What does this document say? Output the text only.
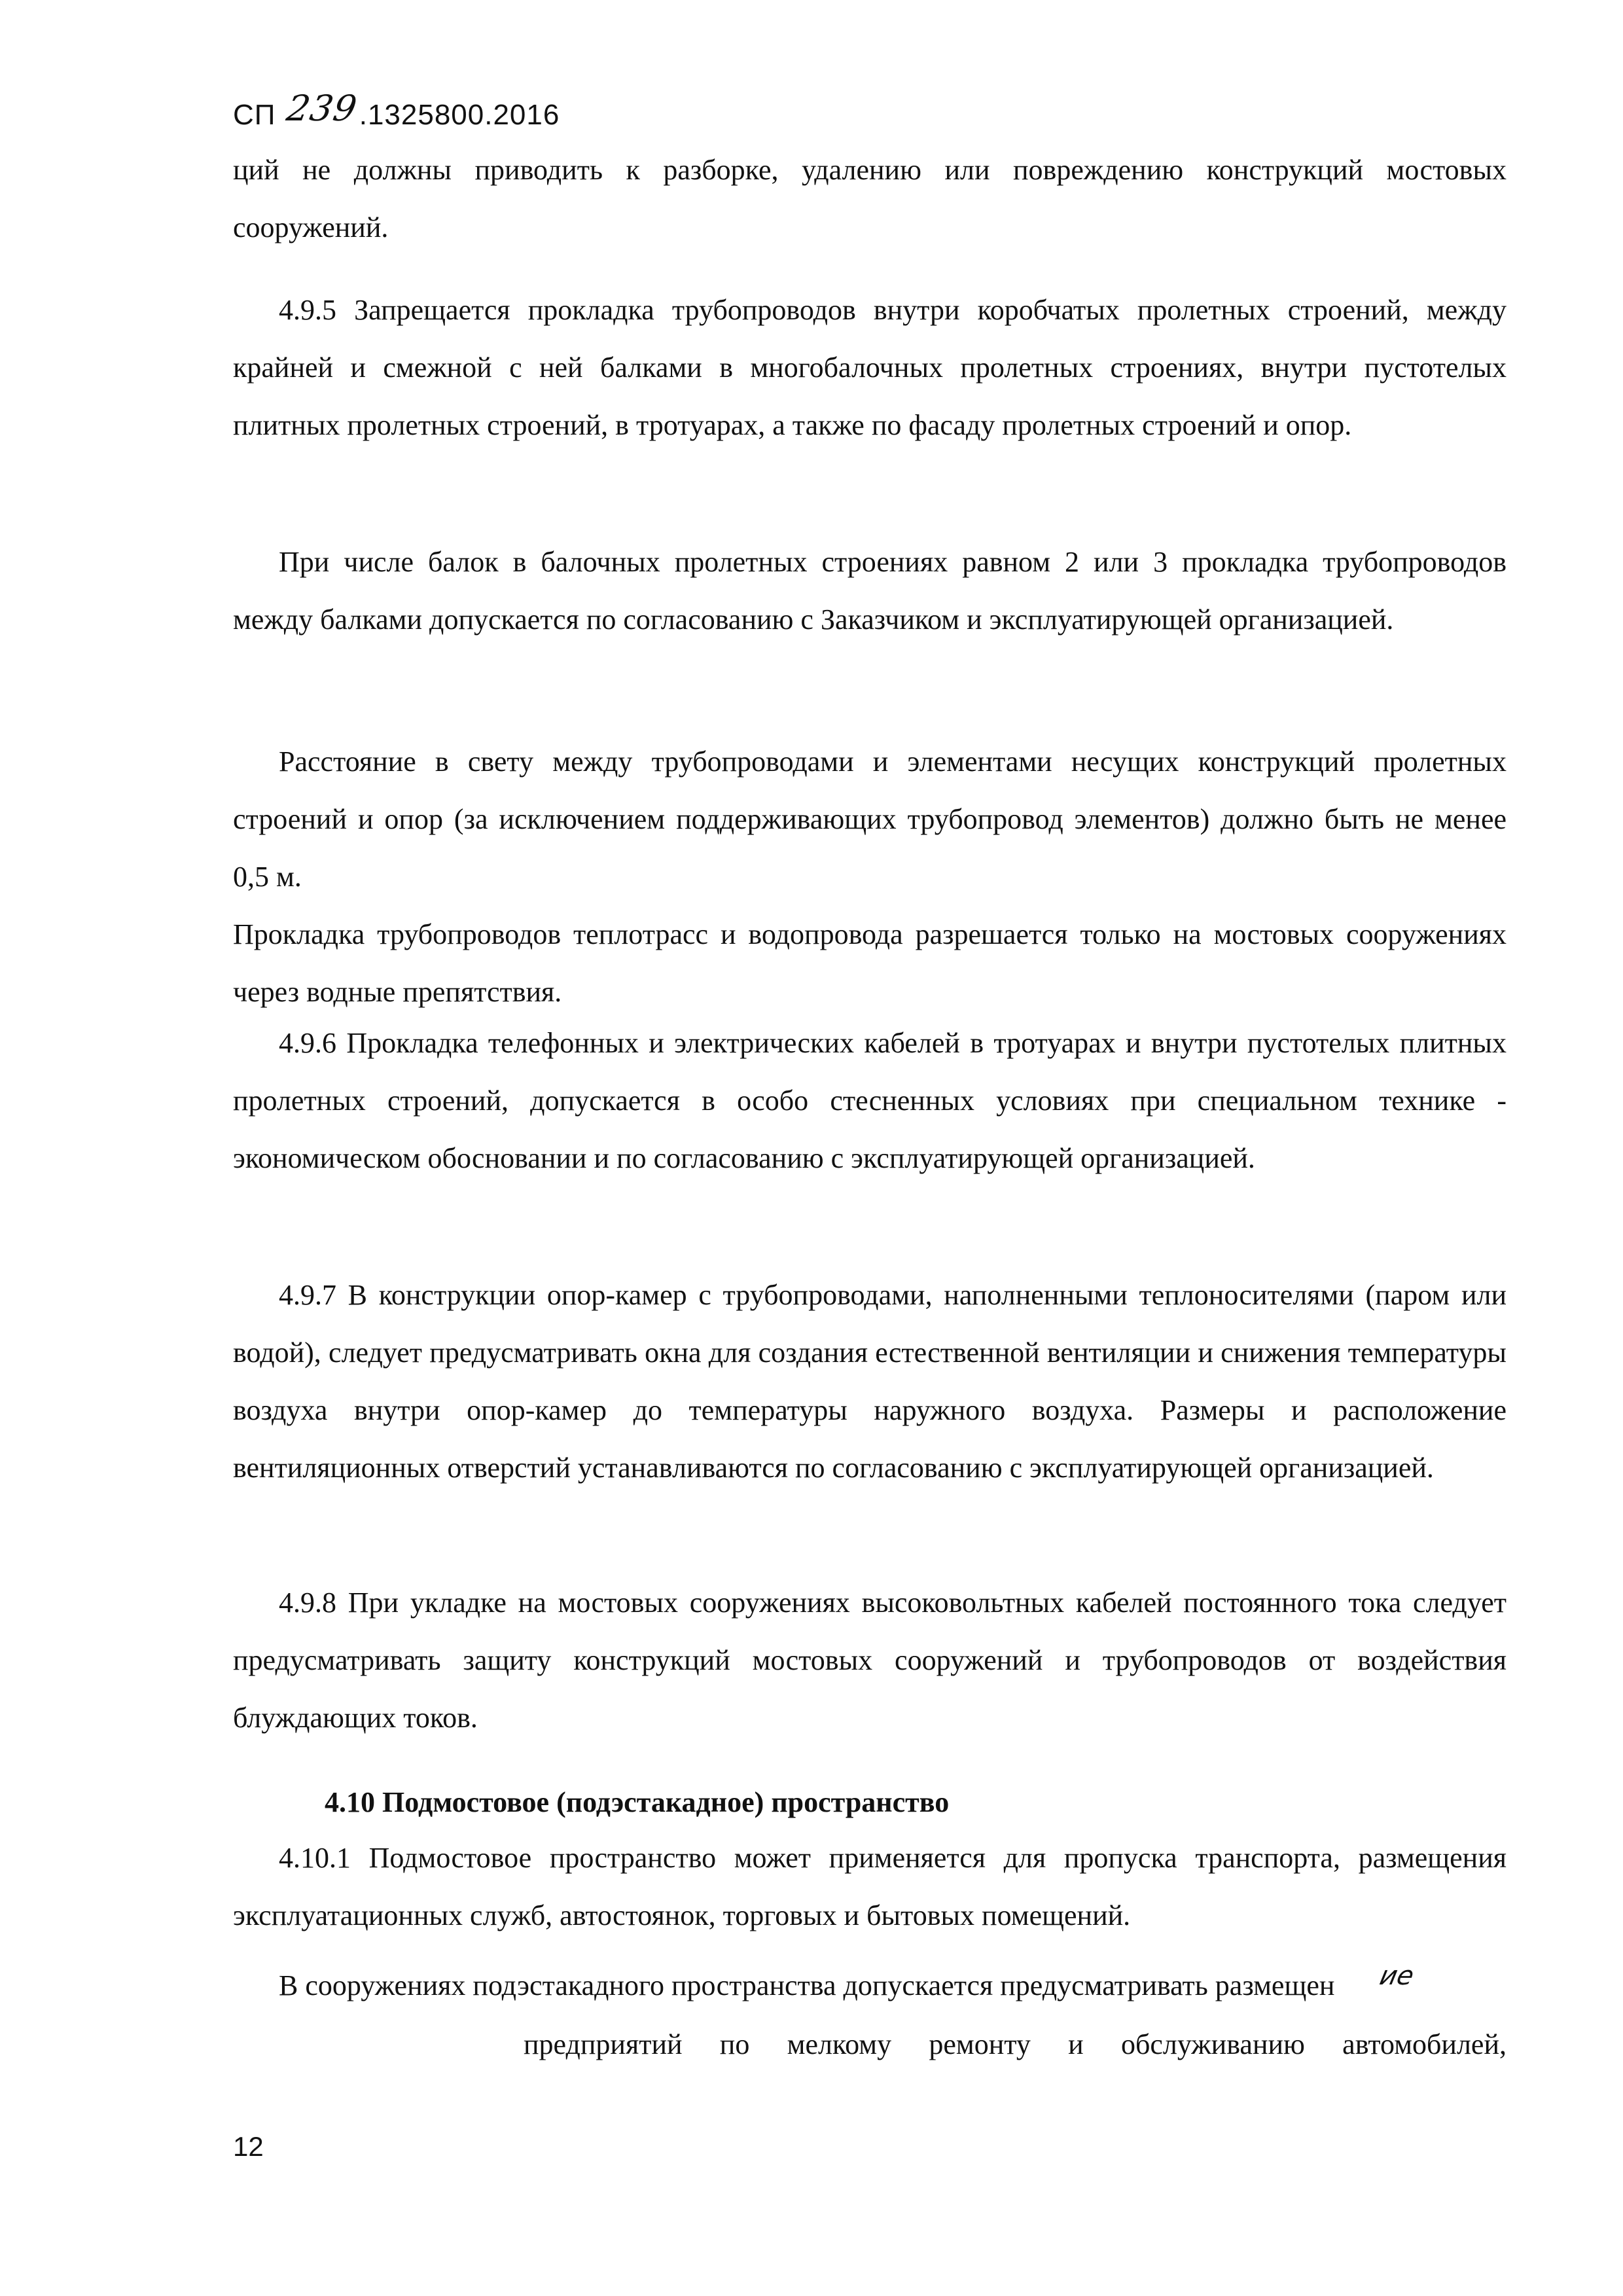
СП 239.1325800.2016

ций не должны приводить к разборке, удалению или повреждению конструкций мостовых сооружений.

4.9.5 Запрещается прокладка трубопроводов внутри коробчатых пролетных строений, между крайней и смежной с ней балками в многобалочных пролетных строениях, внутри пустотелых плитных пролетных строений, в тротуарах, а также по фасаду пролетных строений и опор.

При числе балок в балочных пролетных строениях равном 2 или 3 прокладка трубопроводов между балками допускается по согласованию с Заказчиком и эксплуатирующей организацией.

Расстояние в свету между трубопроводами и элементами несущих конструкций пролетных строений и опор (за исключением поддерживающих трубопровод элементов) должно быть не менее 0,5 м.

Прокладка трубопроводов теплотрасс и водопровода разрешается только на мостовых сооружениях через водные препятствия.

4.9.6 Прокладка телефонных и электрических кабелей в тротуарах и внутри пустотелых плитных пролетных строений, допускается в особо стесненных условиях при специальном технике - экономическом обосновании и по согласованию с эксплуатирующей организацией.

4.9.7 В конструкции опор-камер с трубопроводами, наполненными теплоносителями (паром или водой), следует предусматривать окна для создания естественной вентиляции и снижения температуры воздуха внутри опор-камер до температуры наружного воздуха. Размеры и расположение вентиляционных отверстий устанавливаются по согласованию с эксплуатирующей организацией.

4.9.8 При укладке на мостовых сооружениях высоковольтных кабелей постоянного тока следует предусматривать защиту конструкций мостовых сооружений и трубопроводов от воздействия блуждающих токов.

4.10 Подмостовое (подэстакадное) пространство

4.10.1 Подмостовое пространство может применяется для пропуска транспорта, размещения эксплуатационных служб, автостоянок, торговых и бытовых помещений.

В сооружениях подэстакадного пространства допускается предусматривать размещен ие

предприятий по мелкому ремонту и обслуживанию автомобилей,

12
